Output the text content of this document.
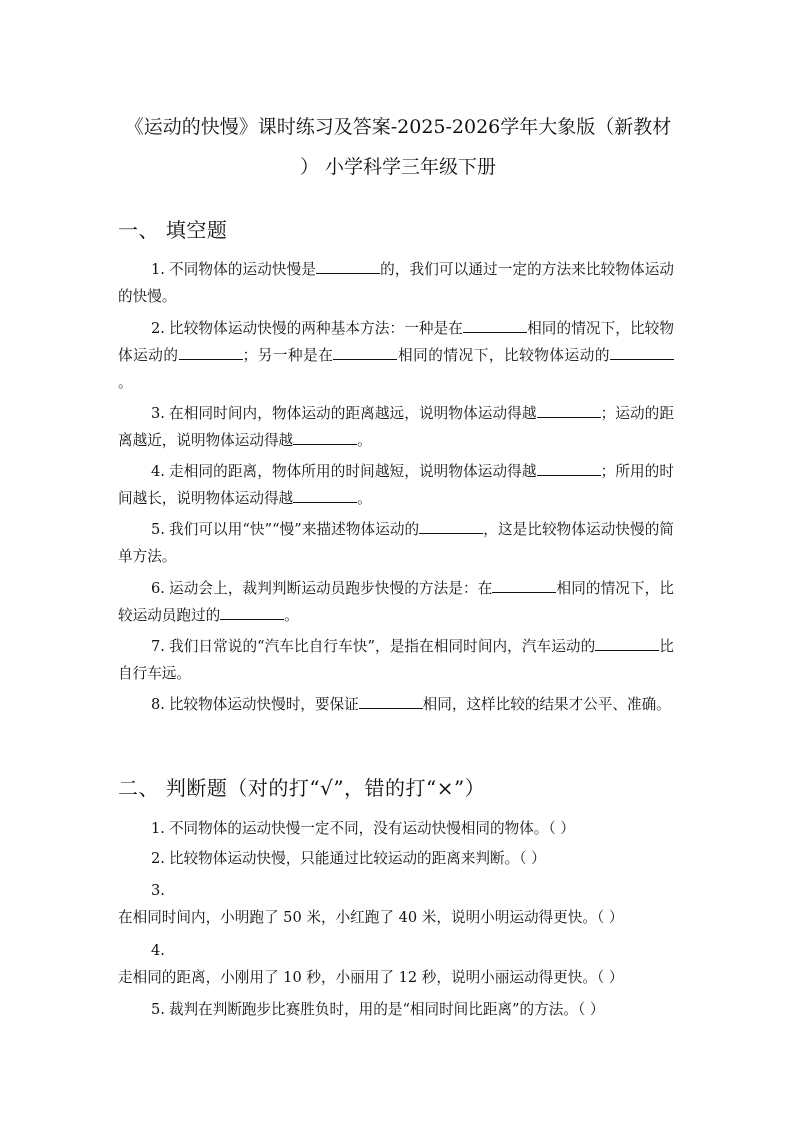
《运动的快慢》课时练习及答案-2025-2026学年大象版（新教材
） 小学科学三年级下册
一、 填空题
1. 不同物体的运动快慢是	的，我们可以通过一定的方法来比较物体运动的快慢。
2. 比较物体运动快慢的两种基本方法：一种是在	相同的情况下，比较物体运动的	；另一种是在	相同的情况下，比较物体运动的。
3. 在相同时间内，物体运动的距离越远，说明物体运动得越	；运动的距离越近，说明物体运动得越	。
4. 走相同的距离，物体所用的时间越短，说明物体运动得越	；所用的时间越长，说明物体运动得越	。
5. 我们可以用“快”“慢”来描述物体运动的	，这是比较物体运动快慢的简单方法。
6. 运动会上，裁判判断运动员跑步快慢的方法是：在	相同的情况下，比较运动员跑过的	。
7. 我们日常说的“汽车比自行车快”，是指在相同时间内，汽车运动的	比自行车远。
8. 比较物体运动快慢时，要保证	相同，这样比较的结果才公平、准确。
二、 判断题（对的打“√”，错的打“×”）
1. 不同物体的运动快慢一定不同，没有运动快慢相同的物体。（ ）
2. 比较物体运动快慢，只能通过比较运动的距离来判断。（ ）
3.在相同时间内，小明跑了 50 米，小红跑了 40 米，说明小明运动得更快。（ ）
4.走相同的距离，小刚用了 10 秒，小丽用了 12 秒，说明小丽运动得更快。（ ）
5. 裁判在判断跑步比赛胜负时，用的是“相同时间比距离”的方法。（ ）
